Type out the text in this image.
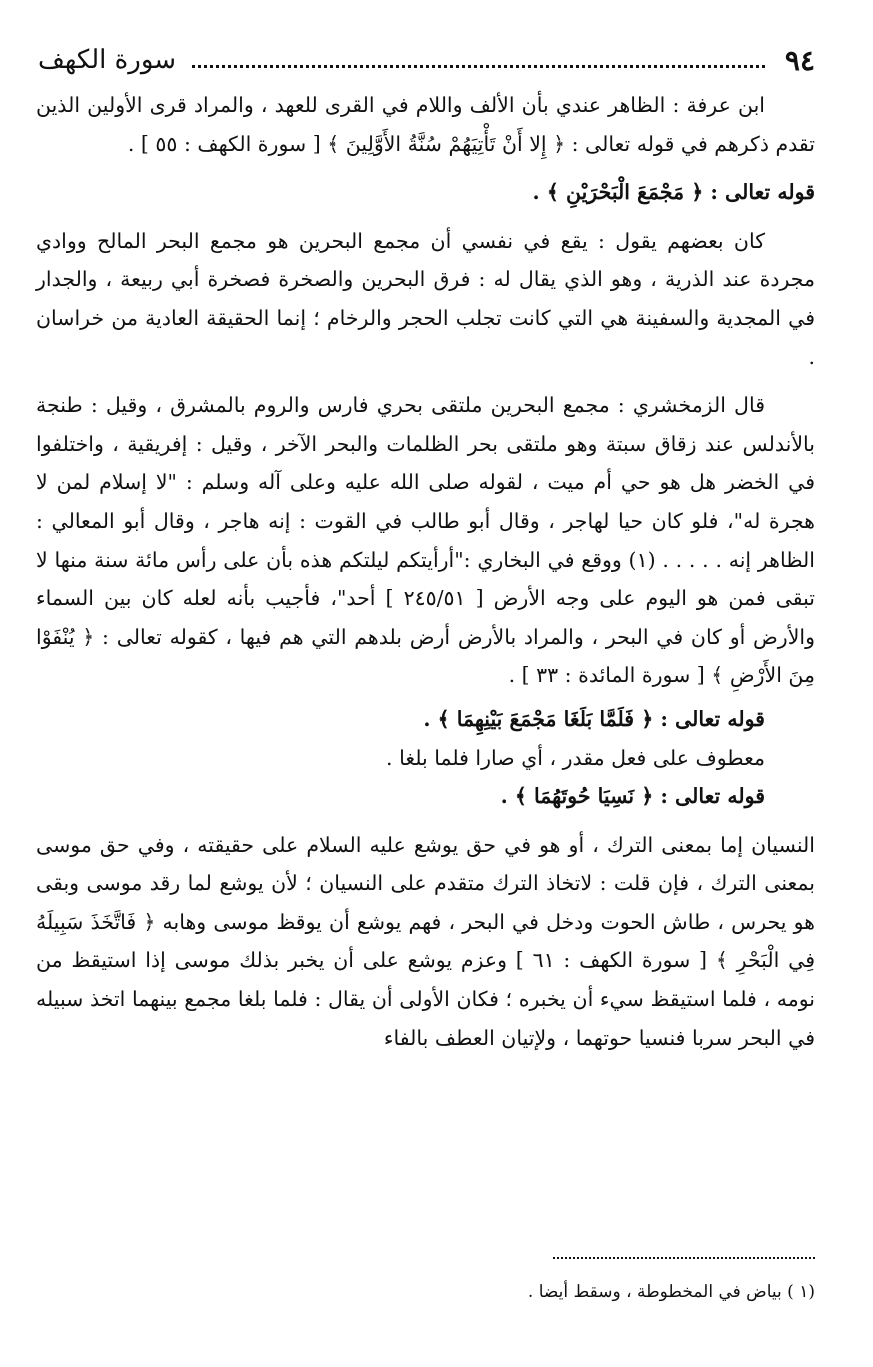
٩٤
سورة الكهف

ابن عرفة : الظاهر عندي بأن الألف واللام في القرى للعهد ، والمراد قرى الأولين الذين تقدم ذكرهم في قوله تعالى : ﴿ إِلا أَنْ تَأْتِيَهُمْ سُنَّةُ الأَوَّلِينَ ﴾ [ سورة الكهف : ٥٥ ] .

قوله تعالى : ﴿ مَجْمَعَ الْبَحْرَيْنِ ﴾ .

كان بعضهم يقول : يقع في نفسي أن مجمع البحرين هو مجمع البحر المالح ووادي مجردة عند الذرية ، وهو الذي يقال له : فرق البحرين والصخرة فصخرة أبي ربيعة ، والجدار في المجدية والسفينة هي التي كانت تجلب الحجر والرخام ؛ إنما الحقيقة العادية من خراسان .

قال الزمخشري : مجمع البحرين ملتقى بحري فارس والروم بالمشرق ، وقيل : طنجة بالأندلس عند زقاق سبتة وهو ملتقى بحر الظلمات والبحر الآخر ، وقيل : إفريقية ، واختلفوا في الخضر هل هو حي أم ميت ، لقوله صلى الله عليه وعلى آله وسلم : "لا إسلام لمن لا هجرة له"، فلو كان حيا لهاجر ، وقال أبو طالب في القوت : إنه هاجر ، وقال أبو المعالي : الظاهر إنه . . . . . (١) ووقع في البخاري :"أرأيتكم ليلتكم هذه بأن على رأس مائة سنة منها لا تبقى فمن هو اليوم على وجه الأرض [ ٢٤٥/٥١ ] أحد"، فأجيب بأنه لعله كان بين السماء والأرض أو كان في البحر ، والمراد بالأرض أرض بلدهم التي هم فيها ، كقوله تعالى : ﴿ يُنْفَوْا مِنَ الأَرْضِ ﴾ [ سورة المائدة : ٣٣ ] .

قوله تعالى : ﴿ فَلَمَّا بَلَغَا مَجْمَعَ بَيْنِهِمَا ﴾ .

معطوف على فعل مقدر ، أي صارا فلما بلغا .

قوله تعالى : ﴿ نَسِيَا حُوتَهُمَا ﴾ .

النسيان إما بمعنى الترك ، أو هو في حق يوشع عليه السلام على حقيقته ، وفي حق موسى بمعنى الترك ، فإن قلت : لاتخاذ الترك متقدم على النسيان ؛ لأن يوشع لما رقد موسى وبقى هو يحرس ، طاش الحوت ودخل في البحر ، فهم يوشع أن يوقظ موسى وهابه ﴿ فَاتَّخَذَ سَبِيلَهُ فِي الْبَحْرِ ﴾ [ سورة الكهف : ٦١ ] وعزم يوشع على أن يخبر بذلك موسى إذا استيقظ من نومه ، فلما استيقظ سيء أن يخبره ؛ فكان الأولى أن يقال : فلما بلغا مجمع بينهما اتخذ سبيله في البحر سربا فنسيا حوتهما ، ولإتيان العطف بالفاء

(١ ) بياض في المخطوطة ، وسقط أيضا .
